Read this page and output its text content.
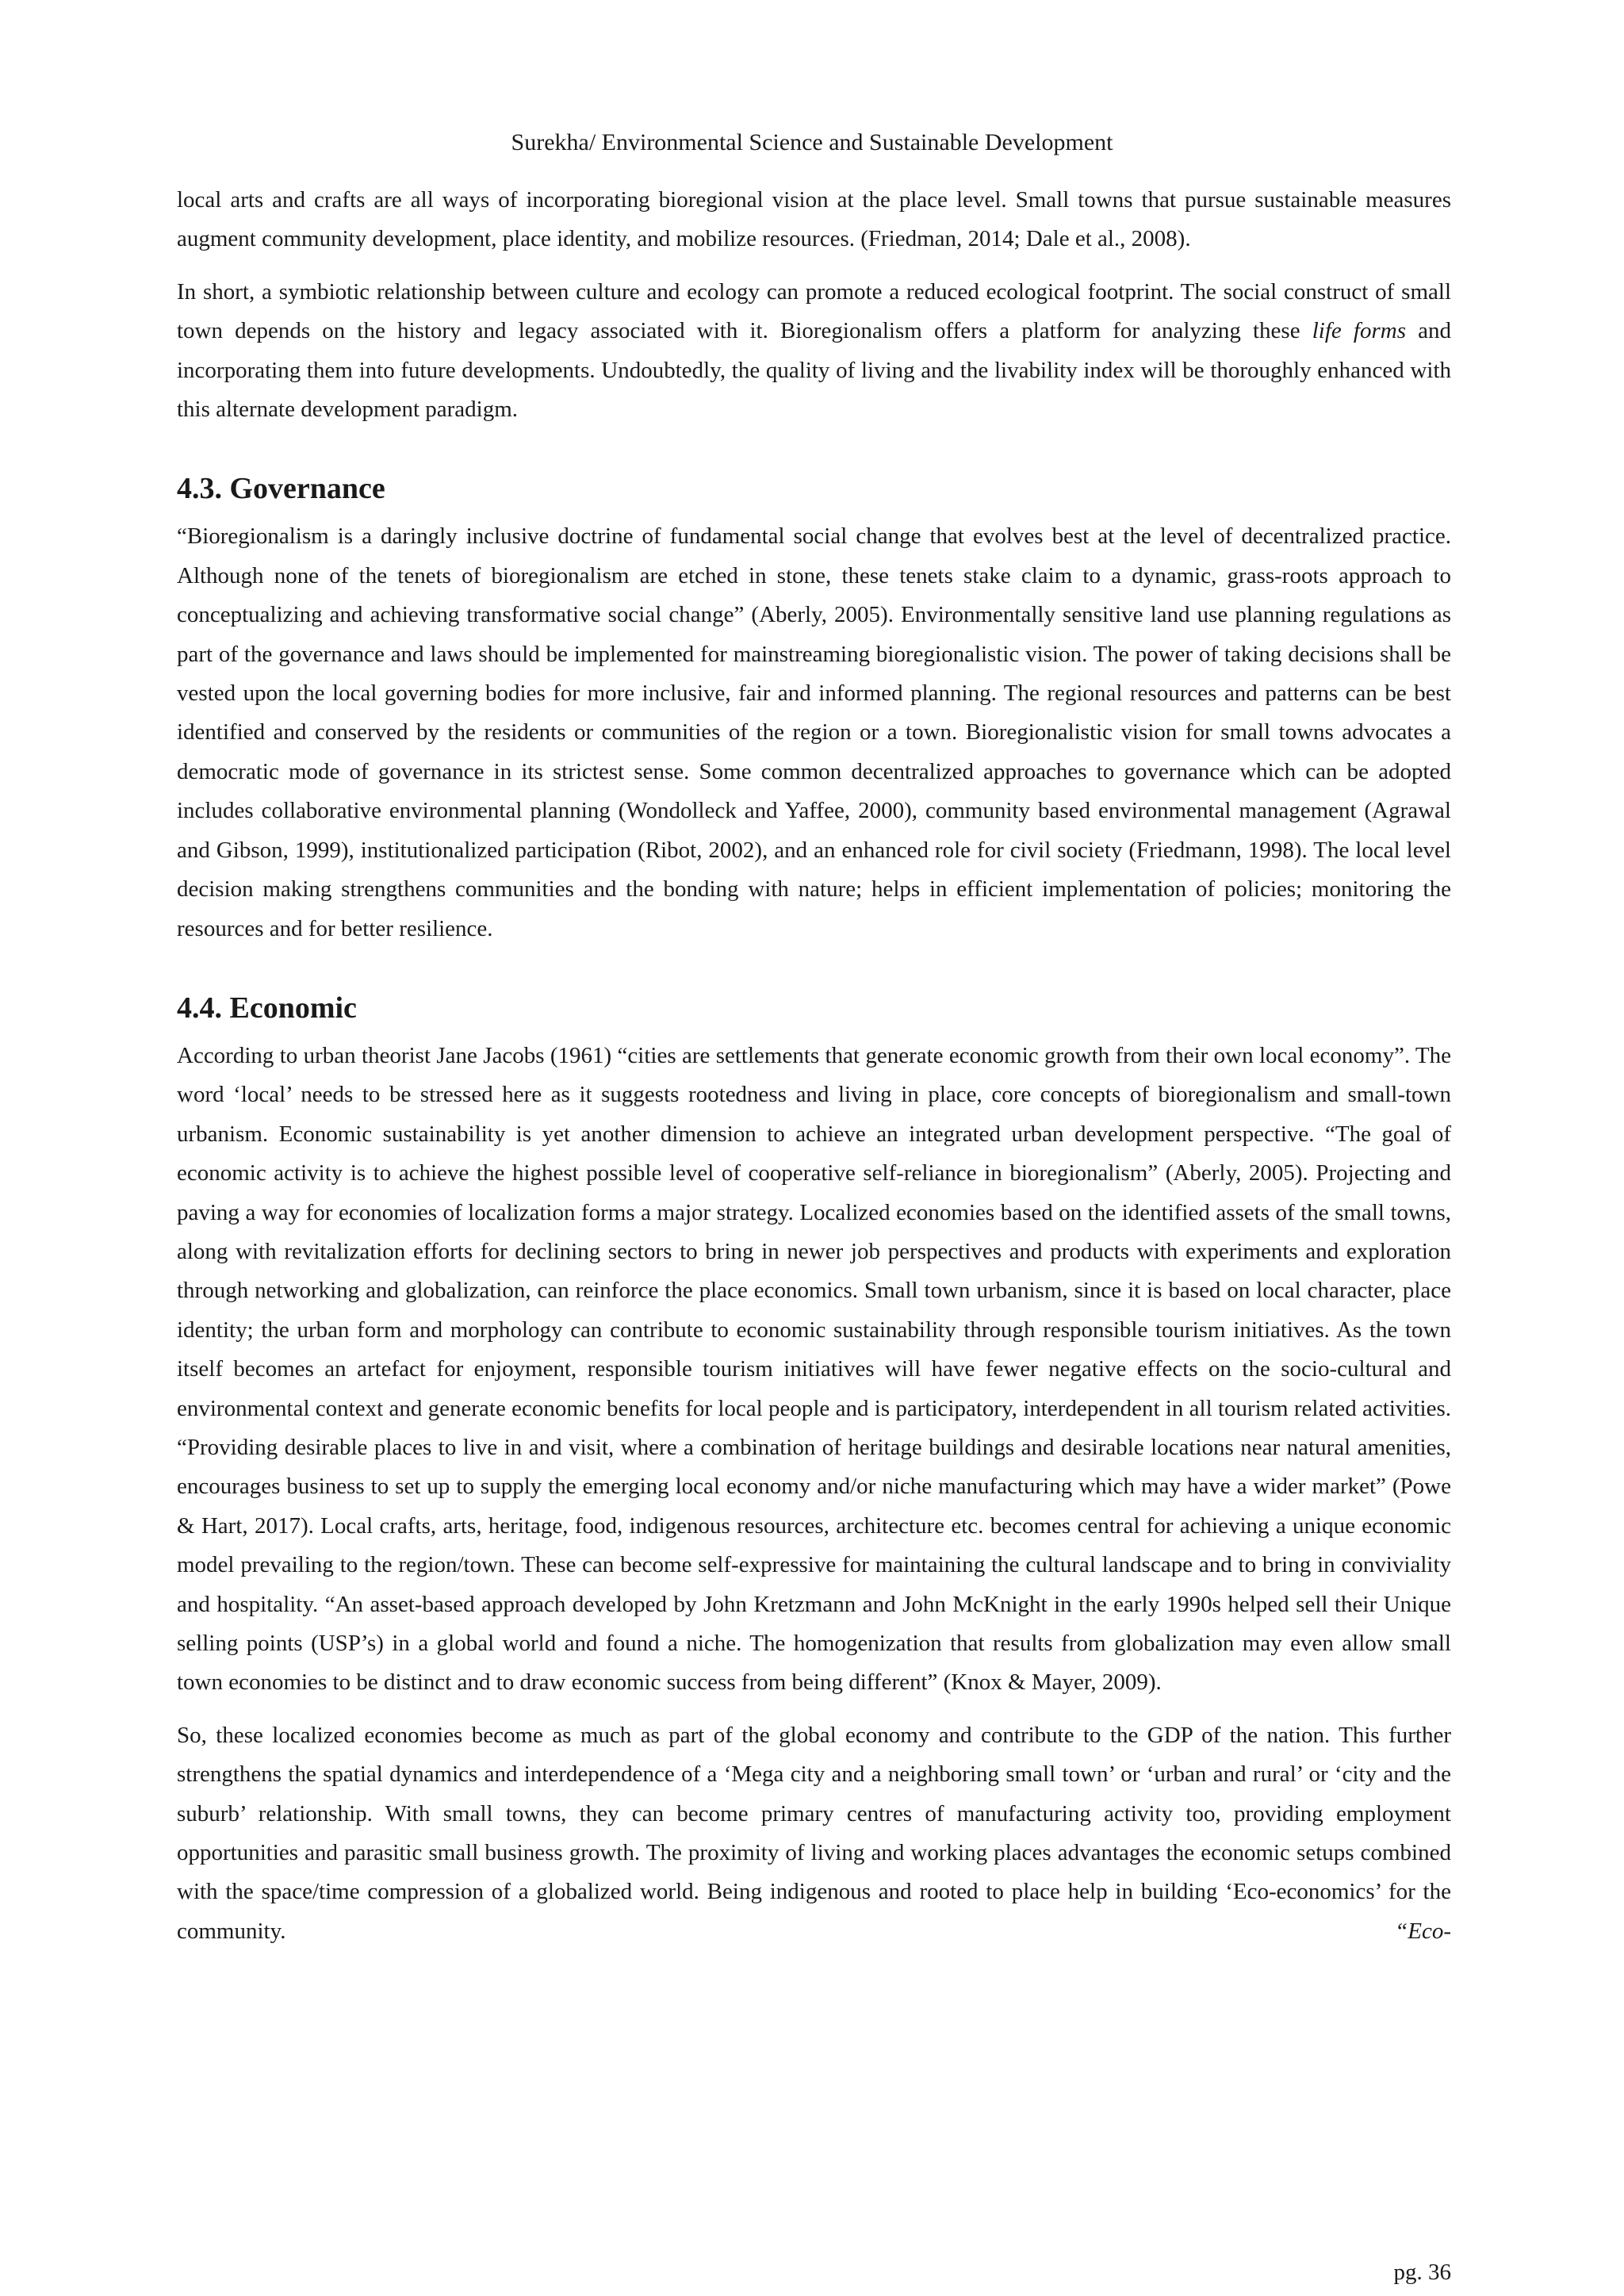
Surekha/ Environmental Science and Sustainable Development

local arts and crafts are all ways of incorporating bioregional vision at the place level. Small towns that pursue sustainable measures augment community development, place identity, and mobilize resources. (Friedman, 2014; Dale et al., 2008).

In short, a symbiotic relationship between culture and ecology can promote a reduced ecological footprint. The social construct of small town depends on the history and legacy associated with it. Bioregionalism offers a platform for analyzing these life forms and incorporating them into future developments. Undoubtedly, the quality of living and the livability index will be thoroughly enhanced with this alternate development paradigm.

4.3. Governance

“Bioregionalism is a daringly inclusive doctrine of fundamental social change that evolves best at the level of decentralized practice. Although none of the tenets of bioregionalism are etched in stone, these tenets stake claim to a dynamic, grass-roots approach to conceptualizing and achieving transformative social change” (Aberly, 2005). Environmentally sensitive land use planning regulations as part of the governance and laws should be implemented for mainstreaming bioregionalistic vision. The power of taking decisions shall be vested upon the local governing bodies for more inclusive, fair and informed planning. The regional resources and patterns can be best identified and conserved by the residents or communities of the region or a town. Bioregionalistic vision for small towns advocates a democratic mode of governance in its strictest sense. Some common decentralized approaches to governance which can be adopted includes collaborative environmental planning (Wondolleck and Yaffee, 2000), community based environmental management (Agrawal and Gibson, 1999), institutionalized participation (Ribot, 2002), and an enhanced role for civil society (Friedmann, 1998). The local level decision making strengthens communities and the bonding with nature; helps in efficient implementation of policies; monitoring the resources and for better resilience.

4.4. Economic

According to urban theorist Jane Jacobs (1961) “cities are settlements that generate economic growth from their own local economy”. The word ‘local’ needs to be stressed here as it suggests rootedness and living in place, core concepts of bioregionalism and small-town urbanism. Economic sustainability is yet another dimension to achieve an integrated urban development perspective. “The goal of economic activity is to achieve the highest possible level of cooperative self-reliance in bioregionalism” (Aberly, 2005). Projecting and paving a way for economies of localization forms a major strategy. Localized economies based on the identified assets of the small towns, along with revitalization efforts for declining sectors to bring in newer job perspectives and products with experiments and exploration through networking and globalization, can reinforce the place economics. Small town urbanism, since it is based on local character, place identity; the urban form and morphology can contribute to economic sustainability through responsible tourism initiatives. As the town itself becomes an artefact for enjoyment, responsible tourism initiatives will have fewer negative effects on the socio-cultural and environmental context and generate economic benefits for local people and is participatory, interdependent in all tourism related activities. “Providing desirable places to live in and visit, where a combination of heritage buildings and desirable locations near natural amenities, encourages business to set up to supply the emerging local economy and/or niche manufacturing which may have a wider market” (Powe & Hart, 2017). Local crafts, arts, heritage, food, indigenous resources, architecture etc. becomes central for achieving a unique economic model prevailing to the region/town. These can become self-expressive for maintaining the cultural landscape and to bring in conviviality and hospitality. “An asset-based approach developed by John Kretzmann and John McKnight in the early 1990s helped sell their Unique selling points (USP’s) in a global world and found a niche. The homogenization that results from globalization may even allow small town economies to be distinct and to draw economic success from being different” (Knox & Mayer, 2009).

So, these localized economies become as much as part of the global economy and contribute to the GDP of the nation. This further strengthens the spatial dynamics and interdependence of a ‘Mega city and a neighboring small town’ or ‘urban and rural’ or ‘city and the suburb’ relationship. With small towns, they can become primary centres of manufacturing activity too, providing employment opportunities and parasitic small business growth. The proximity of living and working places advantages the economic setups combined with the space/time compression of a globalized world. Being indigenous and rooted to place help in building ‘Eco-economics’ for the community. “Eco-

pg. 36
